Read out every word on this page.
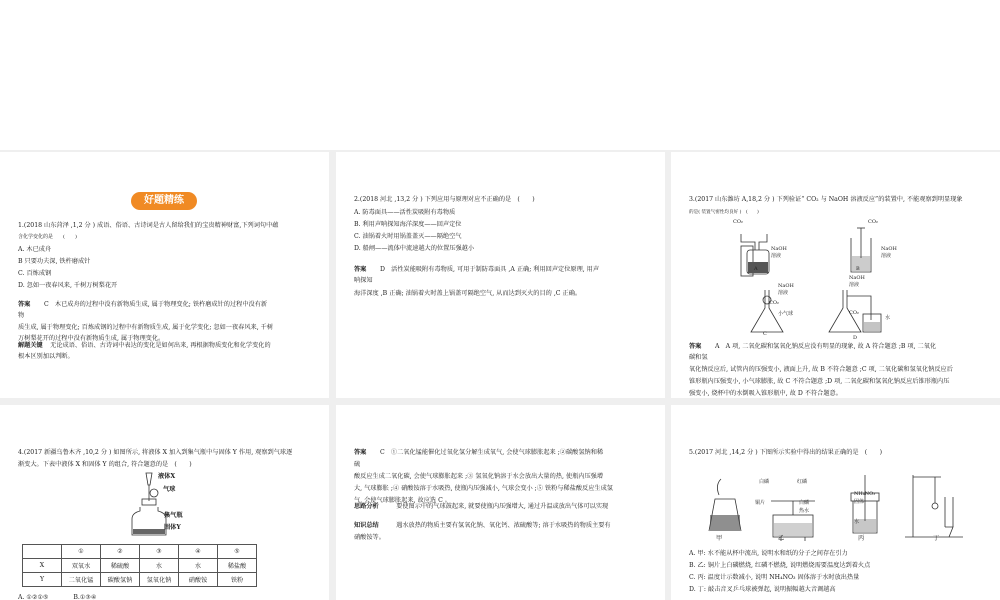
好题精练
1.(2018 山东菏泽 ,1,2 分 ) 成语、俗语、古诗词是古人留给我们的宝贵精神财富,下列词句中蕴
含化学变化的是　　(　　)
A. 木已成舟
B 只要功夫深, 铁杵磨成针
C. 百炼成钢
D. 忽如一夜春风来, 千树万树梨花开
答案 C　木已成舟的过程中没有新物质生成, 属于物理变化; 铁杵磨成针的过程中没有新
物
质生成, 属于物理变化; 百炼成钢的过程中有新物质生成, 属于化学变化; 忽如一夜春风来, 千树
万树梨花开的过程中没有新物质生成, 属于物理变化。
解题关键 　无论成语、俗语、古诗词中表达的变化是如何出来, 再根据物质变化和化学变化的
根本区别加以判断。
2.(2018 河北 ,13,2 分 ) 下列应用与原理对应不正确的是　(　　)
A. 防毒面具——活性炭吸附有毒物质
B. 利用声呐探知海洋深度——回声定位
C. 油锅着火时用锅盖盖灭——隔绝空气
D. 船闸——流体中流速越大的位置压强越小
答案 D　活性炭能吸附有毒物质, 可用于制防毒面具 ,A 正确; 利用回声定位原理, 用声
呐探知
海洋深度 ,B 正确; 油锅着火时盖上锅盖可隔绝空气, 从而达到灭火的目的 ,C 正确。
3.(2017 山东潍坊 A,18,2 分 ) 下列验证“ CO₂ 与 NaOH 溶液反应”的装置中, 不能观察到明显现象
的是( 装置气密性均良好 )　(　　)
CO₂
NaOH
溶液
A
CO₂
NaOH
溶液
B
NaOH
溶液
CO₂
小气球
C
NaOH
溶液
CO₂
水
D
答案 A　A 项, 二氧化碳和氢氧化钠反应没有明显的现象, 故 A 符合题意 ;B 项, 二氧化
碳和氢
氧化钠反应后, 试管内的压强变小, 液面上升, 故 B 不符合题意 ;C 项, 二氧化碳和氢氧化钠反应后
锥形瓶内压强变小, 小气球膨胀, 故 C 不符合题意 ;D 项, 二氧化碳和氢氧化钠反应后锥形瓶内压
强变小, 烧杯中的水倒吸入锥形瓶中, 故 D 不符合题意。
4.(2017 新疆乌鲁木齐 ,10,2 分 ) 如图所示, 将液体 X 加入到集气瓶中与固体 Y 作用, 观察到气球逐
渐变大。下表中液体 X 和固体 Y 的组合, 符合题意的是　(　　)
液体X
气球
集气瓶
固体Y
	①	②	③	④	⑤
X	双氧水	稀硫酸	水	水	稀盐酸
Y	二氧化锰	碳酸氢钠	氢氧化钠	硝酸铵	铁粉
A. ①②①⑤　　　　B.①③④
答案 C　①二氧化锰能催化过氧化氢分解生成氧气, 会使气球膨胀起来 ;②碳酸氢钠和稀
硫
酸反应生成二氧化碳, 会使气球膨胀起来 ;③ 氢氧化钠溶于水会放出大量的热, 使瓶内压强增
大, 气球膨胀 ;④ 硝酸铵溶于水吸热, 使瓶内压强减小, 气球会变小 ;⑤ 铁粉与稀盐酸反应生成氢
气, 会使气球膨胀起来, 故应选 C 。
思路分析 　要使图示中的气球鼓起来, 就要使瓶内压强增大, 通过升温或放出气体可以实现
知识总结 　遇水放热的物质主要有氢氧化钠、氧化钙、浓硫酸等; 溶于水吸热的物质主要有
硝酸铵等。
5.(2017 河北 ,14,2 分 ) 下图所示实验中得出的结果正确的是　(　　)
白磷	红磷
铜片	白磷
热水
NH₄NO₃
固体
水
甲	乙	丙	丁
A. 甲: 水不能从杯中流出, 说明水和纸的分子之间存在引力
B. 乙: 铜片上白磷燃烧, 红磷不燃烧, 说明燃烧需要温度达到着火点
C. 丙: 温度计示数减小, 说明 NH₄NO₃ 固体溶于水时放出热量
D. 丁: 敲击音叉乒乓球被弹起, 说明振幅越大音调越高
